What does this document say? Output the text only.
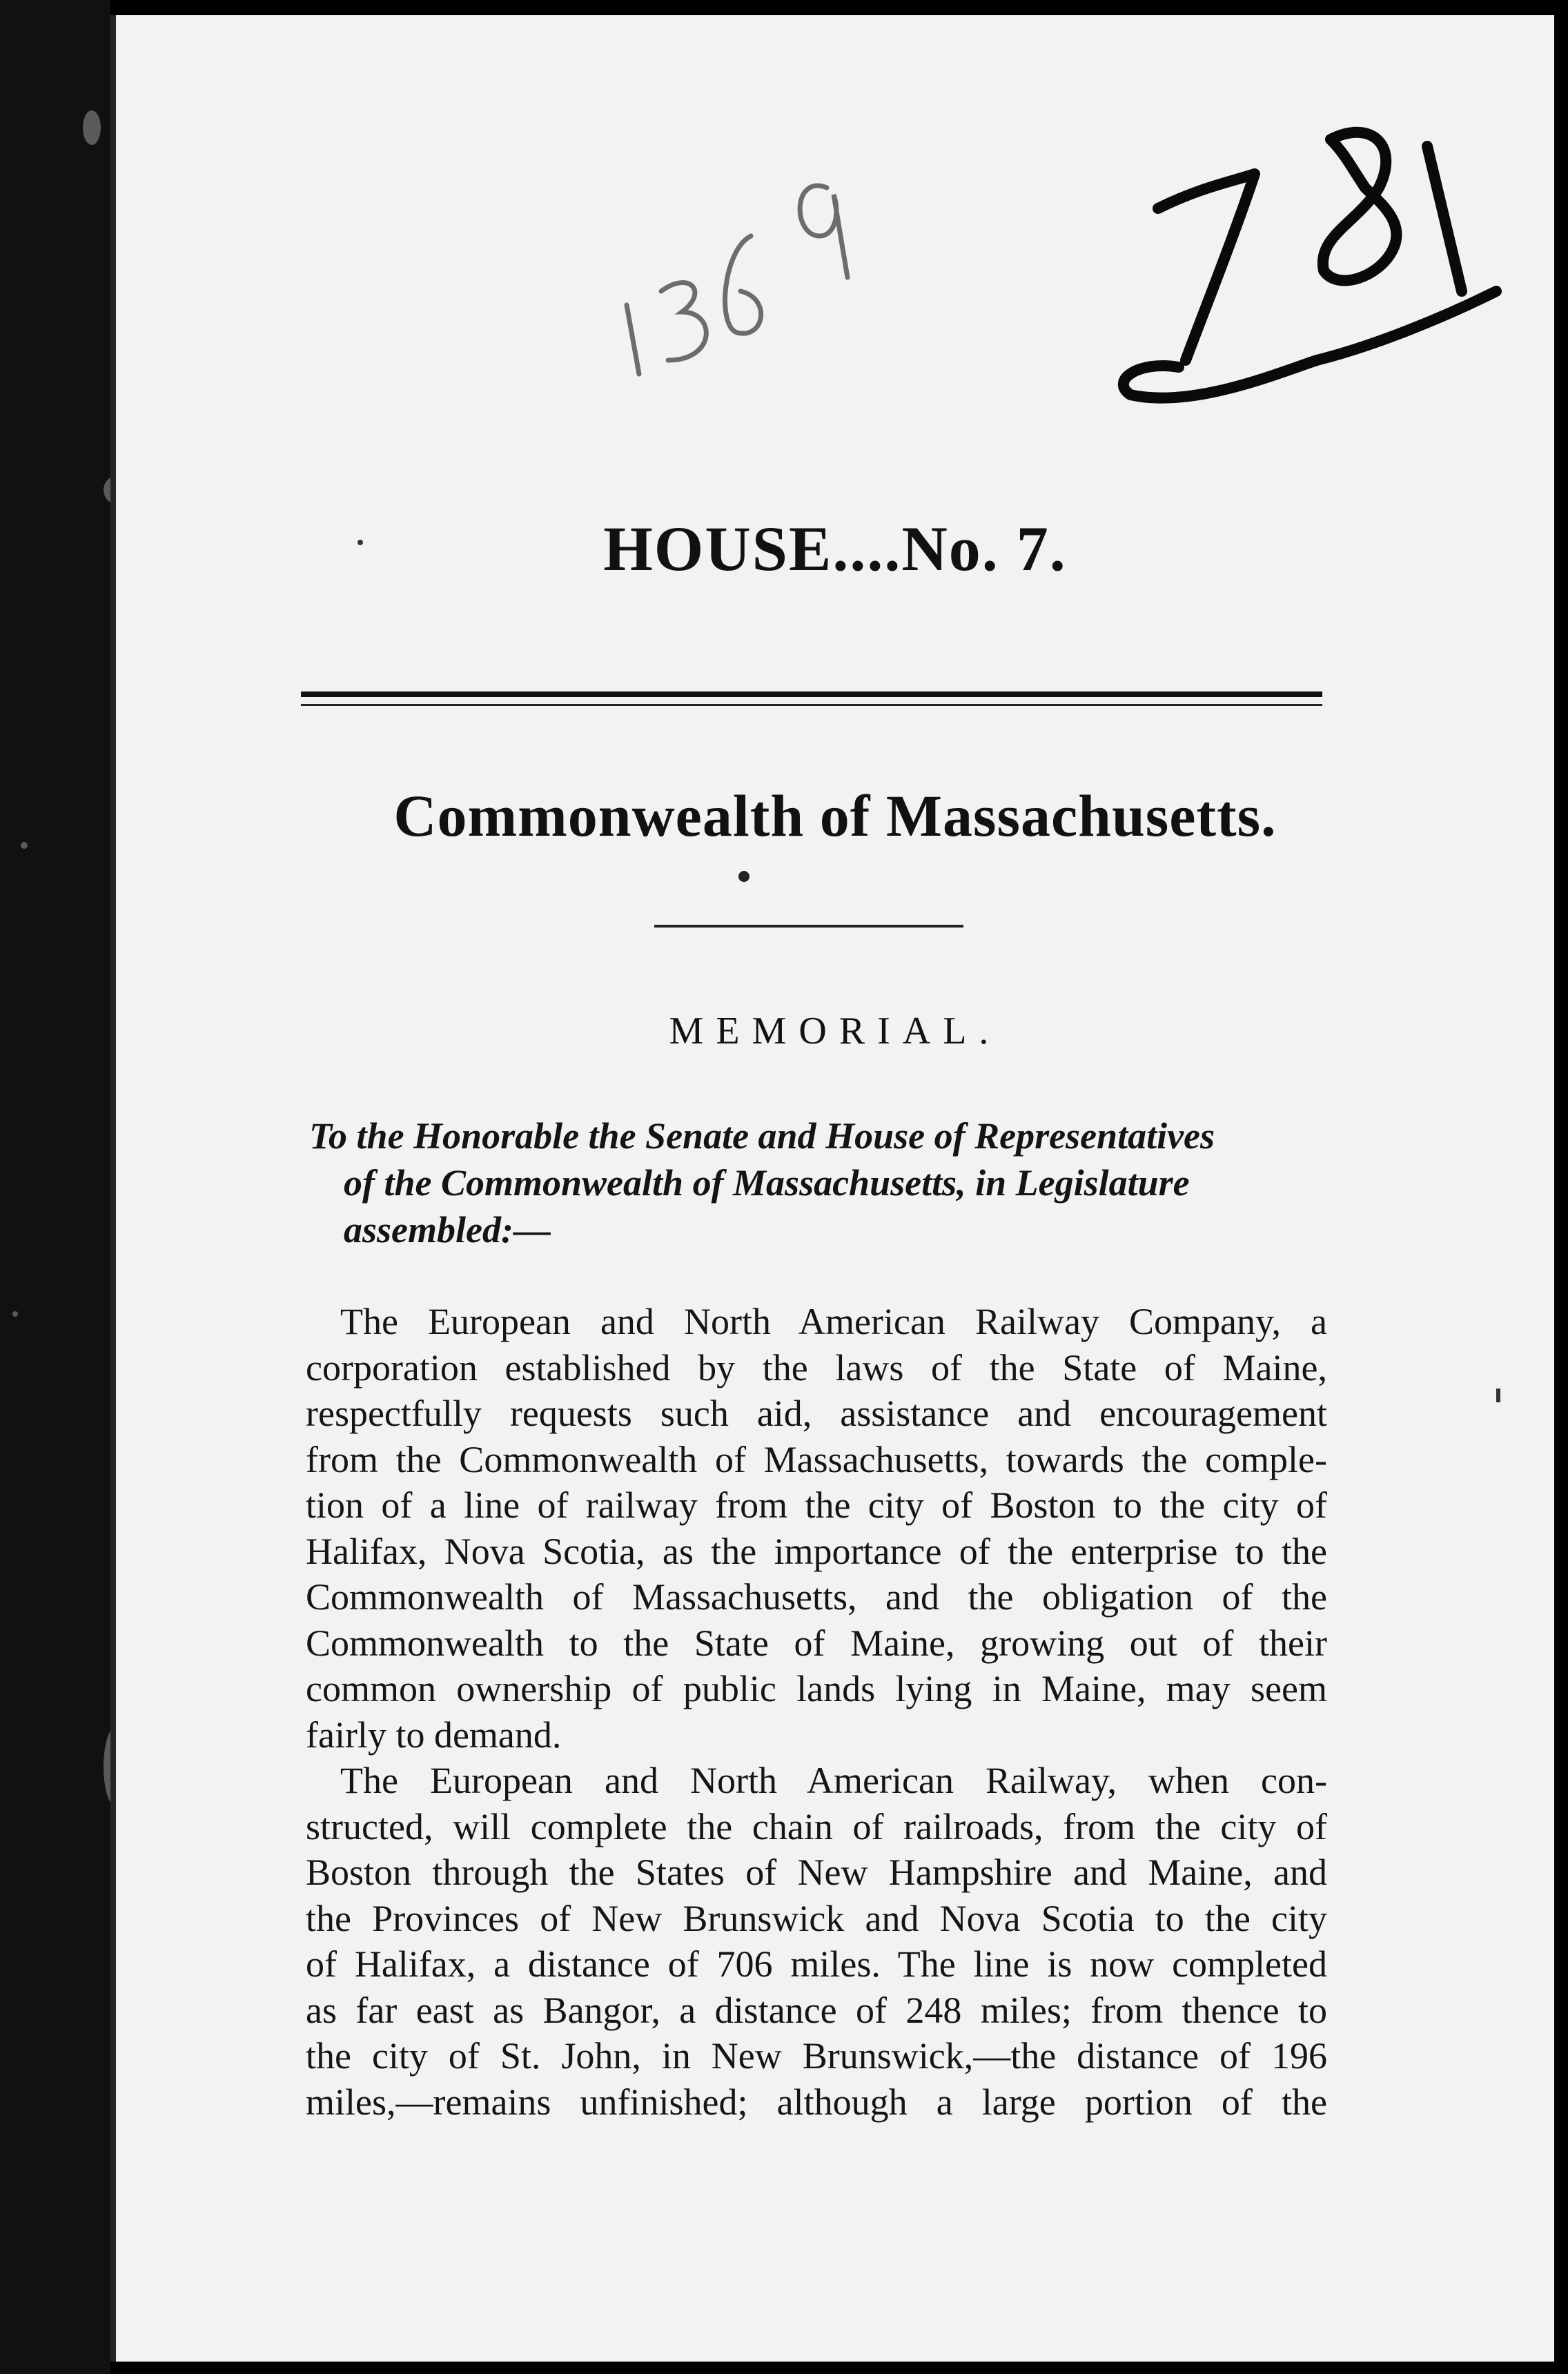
HOUSE....No. 7.
Commonwealth of Massachusetts.
MEMORIAL.
To the Honorable the Senate and House of Representatives
of the Commonwealth of Massachusetts, in Legislature
assembled:—
The European and North American Railway Company, a
corporation established by the laws of the State of Maine,
respectfully requests such aid, assistance and encouragement
from the Commonwealth of Massachusetts, towards the comple-
tion of a line of railway from the city of Boston to the city of
Halifax, Nova Scotia, as the importance of the enterprise to the
Commonwealth of Massachusetts, and the obligation of the
Commonwealth to the State of Maine, growing out of their
common ownership of public lands lying in Maine, may seem
fairly to demand.
The European and North American Railway, when con-
structed, will complete the chain of railroads, from the city of
Boston through the States of New Hampshire and Maine, and
the Provinces of New Brunswick and Nova Scotia to the city
of Halifax, a distance of 706 miles. The line is now completed
as far east as Bangor, a distance of 248 miles; from thence to
the city of St. John, in New Brunswick,—the distance of 196
miles,—remains unfinished; although a large portion of the
